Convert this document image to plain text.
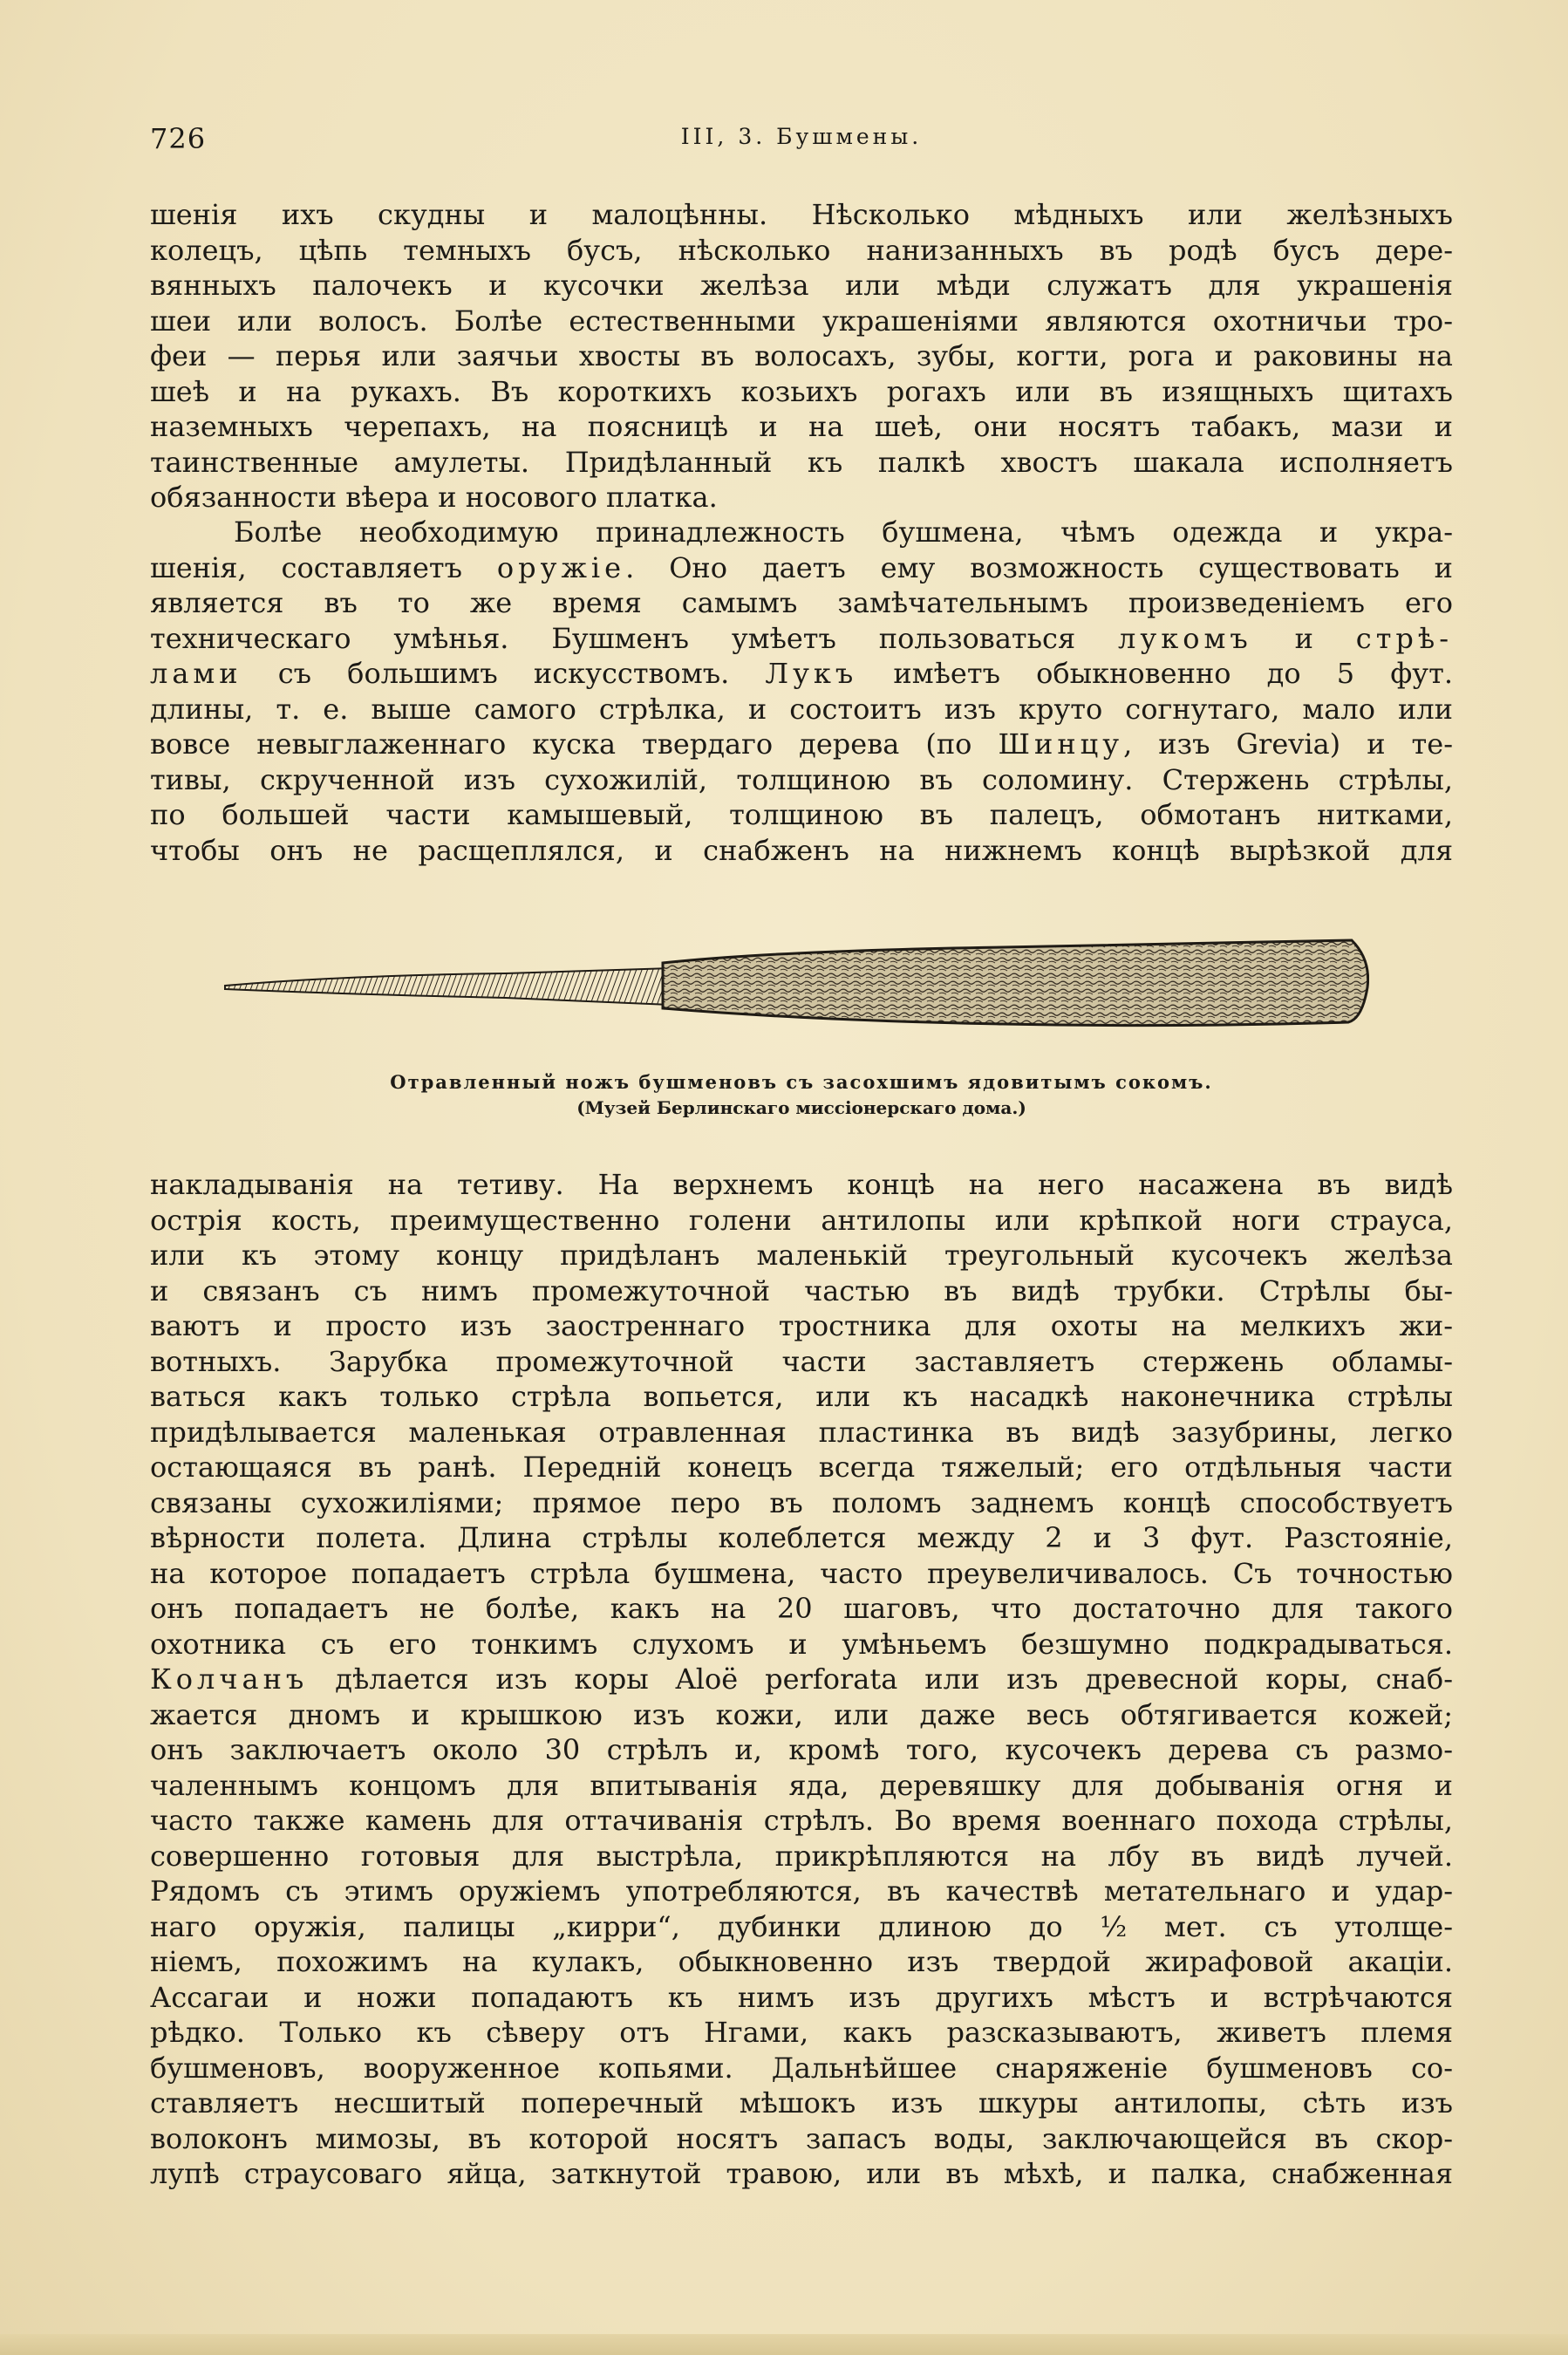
726	III, 3. Бушмены.
шенія ихъ скудны и малоцѣнны. Нѣсколько мѣдныхъ или желѣзныхъ
колецъ, цѣпь темныхъ бусъ, нѣсколько нанизанныхъ въ родѣ бусъ дере-
вянныхъ палочекъ и кусочки желѣза или мѣди служатъ для украшенія
шеи или волосъ. Болѣе естественными украшеніями являются охотничьи тро-
феи — перья или заячьи хвосты въ волосахъ, зубы, когти, рога и раковины на
шеѣ и на рукахъ. Въ короткихъ козьихъ рогахъ или въ изящныхъ щитахъ
наземныхъ черепахъ, на поясницѣ и на шеѣ, они носятъ табакъ, мази и
таинственные амулеты. Придѣланный къ палкѣ хвостъ шакала исполняетъ
обязанности вѣера и носового платка.
Болѣе необходимую принадлежность бушмена, чѣмъ одежда и укра-
шенія, составляетъ оружіе. Оно даетъ ему возможность существовать и
является въ то же время самымъ замѣчательнымъ произведеніемъ его
техническаго умѣнья. Бушменъ умѣетъ пользоваться лукомъ и стрѣ-
лами съ большимъ искусствомъ. Лукъ имѣетъ обыкновенно до 5 фут.
длины, т. е. выше самого стрѣлка, и состоитъ изъ круто согнутаго, мало или
вовсе невыглаженнаго куска твердаго дерева (по Шинцу, изъ Grevia) и те-
тивы, скрученной изъ сухожилій, толщиною въ соломину. Стержень стрѣлы,
по большей части камышевый, толщиною въ палецъ, обмотанъ нитками,
чтобы онъ не расщеплялся, и снабженъ на нижнемъ концѣ вырѣзкой для
Отравленный ножъ бушменовъ съ засохшимъ ядовитымъ сокомъ.
(Музей Берлинскаго миссіонерскаго дома.)
накладыванія на тетиву. На верхнемъ концѣ на него насажена въ видѣ
острія кость, преимущественно голени антилопы или крѣпкой ноги страуса,
или къ этому концу придѣланъ маленькій треугольный кусочекъ желѣза
и связанъ съ нимъ промежуточной частью въ видѣ трубки. Стрѣлы бы-
ваютъ и просто изъ заостреннаго тростника для охоты на мелкихъ жи-
вотныхъ. Зарубка промежуточной части заставляетъ стержень обламы-
ваться какъ только стрѣла вопьется, или къ насадкѣ наконечника стрѣлы
придѣлывается маленькая отравленная пластинка въ видѣ зазубрины, легко
остающаяся въ ранѣ. Передній конецъ всегда тяжелый; его отдѣльныя части
связаны сухожиліями; прямое перо въ поломъ заднемъ концѣ способствуетъ
вѣрности полета. Длина стрѣлы колеблется между 2 и 3 фут. Разстояніе,
на которое попадаетъ стрѣла бушмена, часто преувеличивалось. Съ точностью
онъ попадаетъ не болѣе, какъ на 20 шаговъ, что достаточно для такого
охотника съ его тонкимъ слухомъ и умѣньемъ безшумно подкрадываться.
Колчанъ дѣлается изъ коры Aloë perforata или изъ древесной коры, снаб-
жается дномъ и крышкою изъ кожи, или даже весь обтягивается кожей;
онъ заключаетъ около 30 стрѣлъ и, кромѣ того, кусочекъ дерева съ размо-
чаленнымъ концомъ для впитыванія яда, деревяшку для добыванія огня и
часто также камень для оттачиванія стрѣлъ. Во время военнаго похода стрѣлы,
совершенно готовыя для выстрѣла, прикрѣпляются на лбу въ видѣ лучей.
Рядомъ съ этимъ оружіемъ употребляются, въ качествѣ метательнаго и удар-
наго оружія, палицы „кирри“, дубинки длиною до ½ мет. съ утолще-
ніемъ, похожимъ на кулакъ, обыкновенно изъ твердой жирафовой акаціи.
Ассагаи и ножи попадаютъ къ нимъ изъ другихъ мѣстъ и встрѣчаются
рѣдко. Только къ сѣверу отъ Нгами, какъ разсказываютъ, живетъ племя
бушменовъ, вооруженное копьями. Дальнѣйшее снаряженіе бушменовъ со-
ставляетъ несшитый поперечный мѣшокъ изъ шкуры антилопы, сѣть изъ
волоконъ мимозы, въ которой носятъ запасъ воды, заключающейся въ скор-
лупѣ страусоваго яйца, заткнутой травою, или въ мѣхѣ, и палка, снабженная
